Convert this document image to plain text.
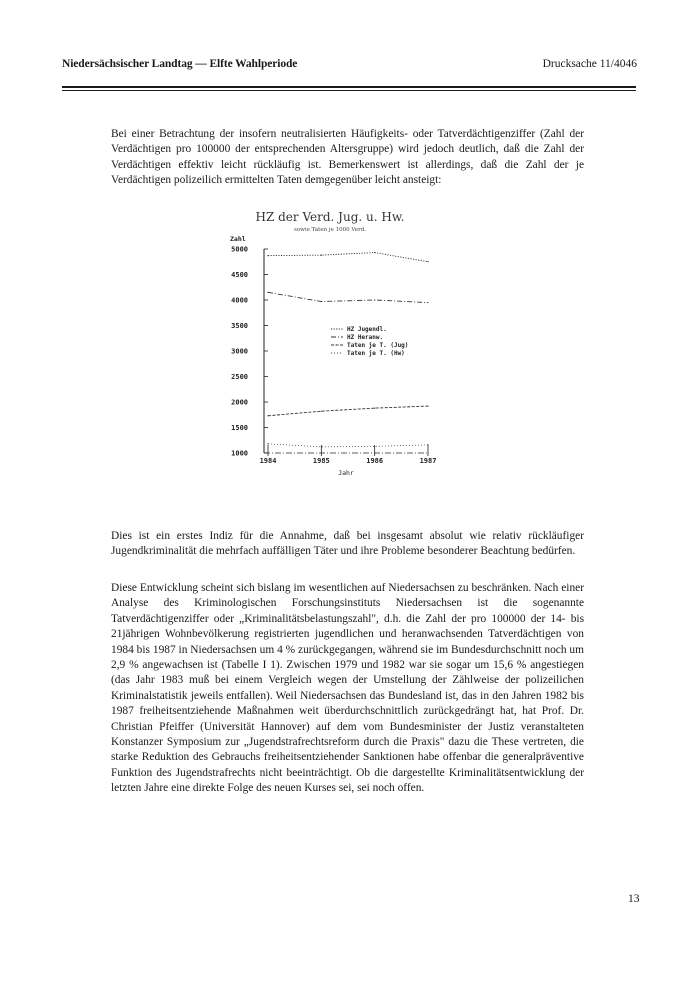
Niedersächsischer Landtag — Elfte Wahlperiode	Drucksache 11/4046

Bei einer Betrachtung der insofern neutralisierten Häufigkeits- oder Tatverdächtigenziffer (Zahl der Verdächtigen pro 100000 der entsprechenden Altersgruppe) wird jedoch deutlich, daß die Zahl der Verdächtigen effektiv leicht rückläufig ist. Bemerkenswert ist allerdings, daß die Zahl der je Verdächtigen polizeilich ermittelten Taten demgegenüber leicht ansteigt:

HZ der Verd. Jug. u. Hw.
sowie Taten je 1000 Verd.
Zahl
1000
1500
2000
2500
3000
3500
4000
4500
5000
1984	1985	1986	1987
Jahr
HZ Jugendl.
HZ Heranw.
Taten je T. (Jug)
Taten je T. (Hw)

Dies ist ein erstes Indiz für die Annahme, daß bei insgesamt absolut wie relativ rückläufiger Jugendkriminalität die mehrfach auffälligen Täter und ihre Probleme besonderer Beachtung bedürfen.

Diese Entwicklung scheint sich bislang im wesentlichen auf Niedersachsen zu beschränken. Nach einer Analyse des Kriminologischen Forschungsinstituts Niedersachsen ist die sogenannte Tatverdächtigenziffer oder „Kriminalitätsbelastungszahl", d.h. die Zahl der pro 100000 der 14- bis 21jährigen Wohnbevölkerung registrierten jugendlichen und heranwachsenden Tatverdächtigen von 1984 bis 1987 in Niedersachsen um 4 % zurückgegangen, während sie im Bundesdurchschnitt noch um 2,9 % angewachsen ist (Tabelle I 1). Zwischen 1979 und 1982 war sie sogar um 15,6 % angestiegen (das Jahr 1983 muß bei einem Vergleich wegen der Umstellung der Zählweise der polizeilichen Kriminalstatistik jeweils entfallen). Weil Niedersachsen das Bundesland ist, das in den Jahren 1982 bis 1987 freiheitsentziehende Maßnahmen weit überdurchschnittlich zurückgedrängt hat, hat Prof. Dr. Christian Pfeiffer (Universität Hannover) auf dem vom Bundesminister der Justiz veranstalteten Konstanzer Symposium zur „Jugendstrafrechtsreform durch die Praxis" dazu die These vertreten, die starke Reduktion des Gebrauchs freiheitsentziehender Sanktionen habe offenbar die generalpräventive Funktion des Jugendstrafrechts nicht beeinträchtigt. Ob die dargestellte Kriminalitätsentwicklung der letzten Jahre eine direkte Folge des neuen Kurses sei, sei noch offen.

13
